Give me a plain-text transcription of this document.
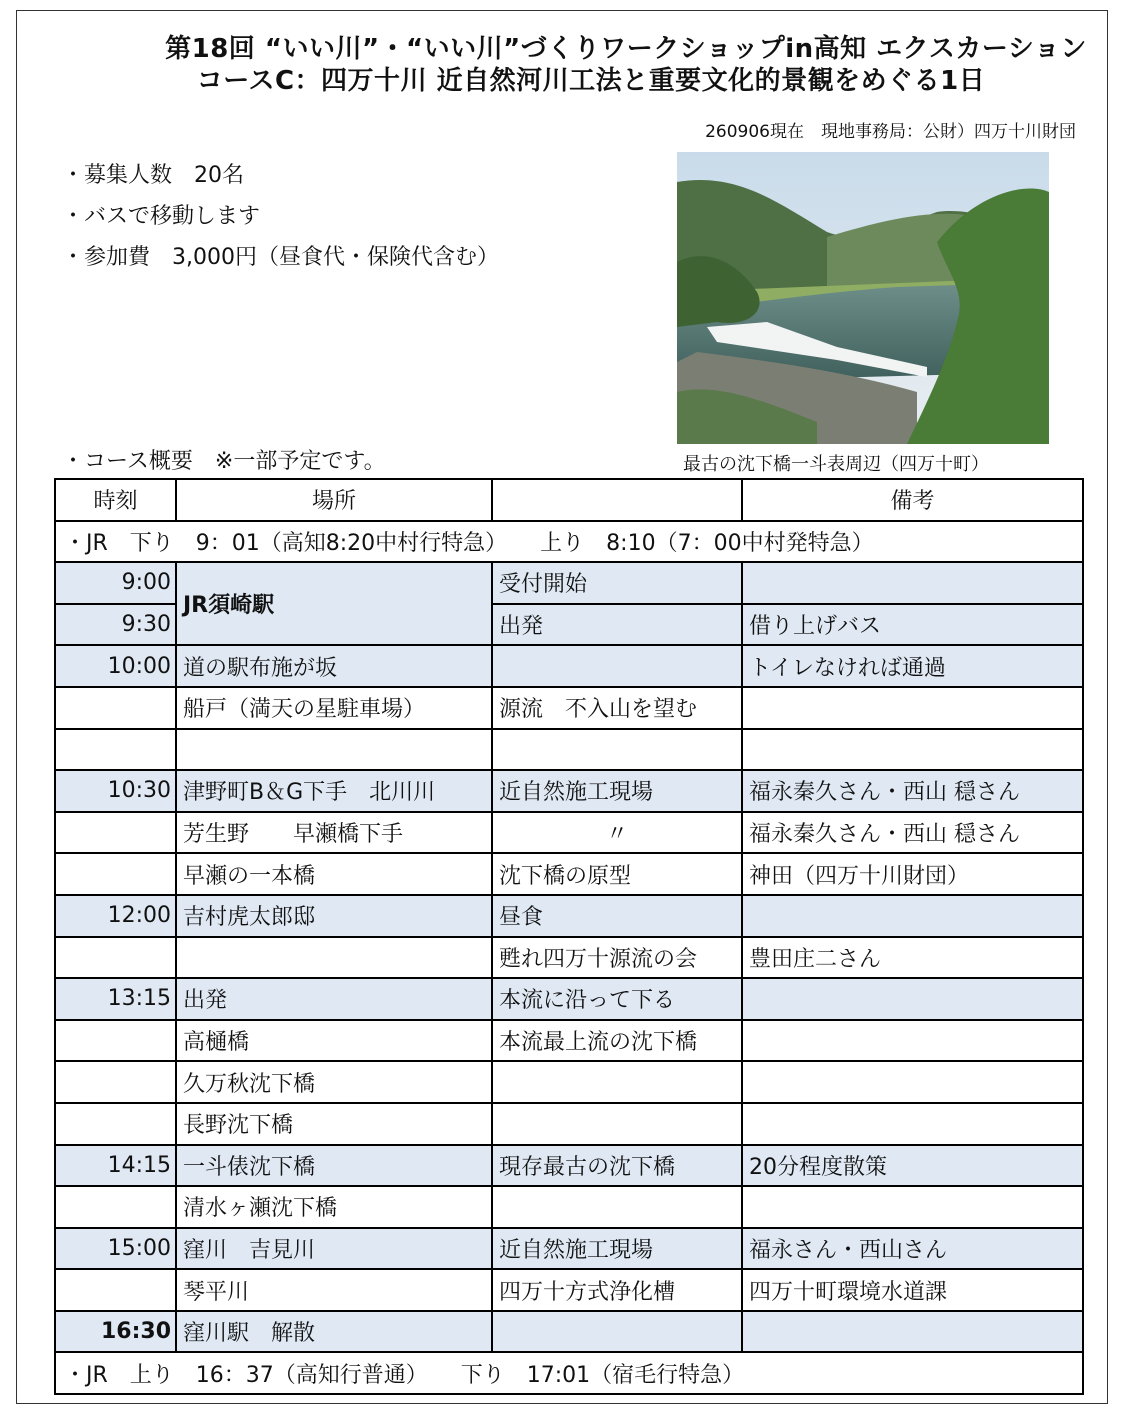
第18回 “いい川”・“いい川”づくりワークショップin高知 エクスカーション
コースC：四万十川 近自然河川工法と重要文化的景観をめぐる1日
260906現在　現地事務局：公財）四万十川財団
・募集人数　20名
・バスで移動します
・参加費　3,000円（昼食代・保険代含む）
最古の沈下橋一斗表周辺（四万十町）
・コース概要　※一部予定です。
時刻	場所		備考
・JR　下り　9：01（高知8:20中村行特急）　　上り　8:10（7：00中村発特急）			
9:00	JR須崎駅	受付開始	
9:30		出発	借り上げバス
10:00	道の駅布施が坂		トイレなければ通過
	船戸（満天の星駐車場）	源流　不入山を望む	

10:30	津野町B＆G下手　北川川	近自然施工現場	福永秦久さん・西山 穏さん
	芳生野　　早瀬橋下手	〃	福永秦久さん・西山 穏さん
	早瀬の一本橋	沈下橋の原型	神田（四万十川財団）
12:00	吉村虎太郎邸	昼食	
		甦れ四万十源流の会	豊田庄二さん
13:15	出発	本流に沿って下る	
	高樋橋	本流最上流の沈下橋	
	久万秋沈下橋		
	長野沈下橋		
14:15	一斗俵沈下橋	現存最古の沈下橋	20分程度散策
	清水ヶ瀬沈下橋		
15:00	窪川　吉見川	近自然施工現場	福永さん・西山さん
	琴平川	四万十方式浄化槽	四万十町環境水道課
16:30	窪川駅　解散		
・JR　上り　16：37（高知行普通）　　下り　17:01（宿毛行特急）			
